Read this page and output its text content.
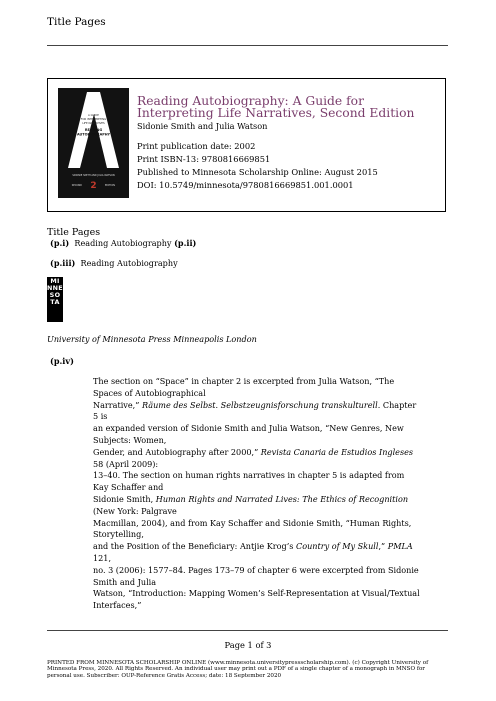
Title Pages
A GUIDE
FOR INTERPRETING
LIFE NARRATIVES
READING
AUTOBIOGRAPHY
SIDONIE SMITH AND JULIA WATSON
SECOND 2	EDITION
Reading Autobiography: A Guide for Interpreting Life Narratives, Second Edition
Sidonie Smith and Julia Watson
Print publication date: 2002
Print ISBN-13: 9780816669851
Published to Minnesota Scholarship Online: August 2015
DOI: 10.5749/minnesota/9780816669851.001.0001
Title Pages
(p.i) Reading Autobiography (p.ii)
(p.iii) Reading Autobiography
MI
NNE
SO
TA
University of Minnesota Press Minneapolis London
(p.iv)
The section on “Space” in chapter 2 is excerpted from Julia Watson, “The
Spaces of Autobiographical
Narrative,” Räume des Selbst. Selbstzeugnisforschung transkulturell. Chapter
5 is
an expanded version of Sidonie Smith and Julia Watson, “New Genres, New
Subjects: Women,
Gender, and Autobiography after 2000,” Revista Canaria de Estudios Ingleses
58 (April 2009):
13–40. The section on human rights narratives in chapter 5 is adapted from
Kay Schaffer and
Sidonie Smith, Human Rights and Narrated Lives: The Ethics of Recognition
(New York: Palgrave
Macmillan, 2004), and from Kay Schaffer and Sidonie Smith, “Human Rights,
Storytelling,
and the Position of the Beneficiary: Antjie Krog’s Country of My Skull,” PMLA
121,
no. 3 (2006): 1577–84. Pages 173–79 of chapter 6 were excerpted from Sidonie
Smith and Julia
Watson, “Introduction: Mapping Women’s Self-Representation at Visual/Textual
Interfaces,”
Page 1 of 3
PRINTED FROM MINNESOTA SCHOLARSHIP ONLINE (www.minnesota.universitypressscholarship.com). (c) Copyright University of Minnesota Press, 2020. All Rights Reserved. An individual user may print out a PDF of a single chapter of a monograph in MNSO for personal use. Subscriber: OUP-Reference Gratis Access; date: 18 September 2020
